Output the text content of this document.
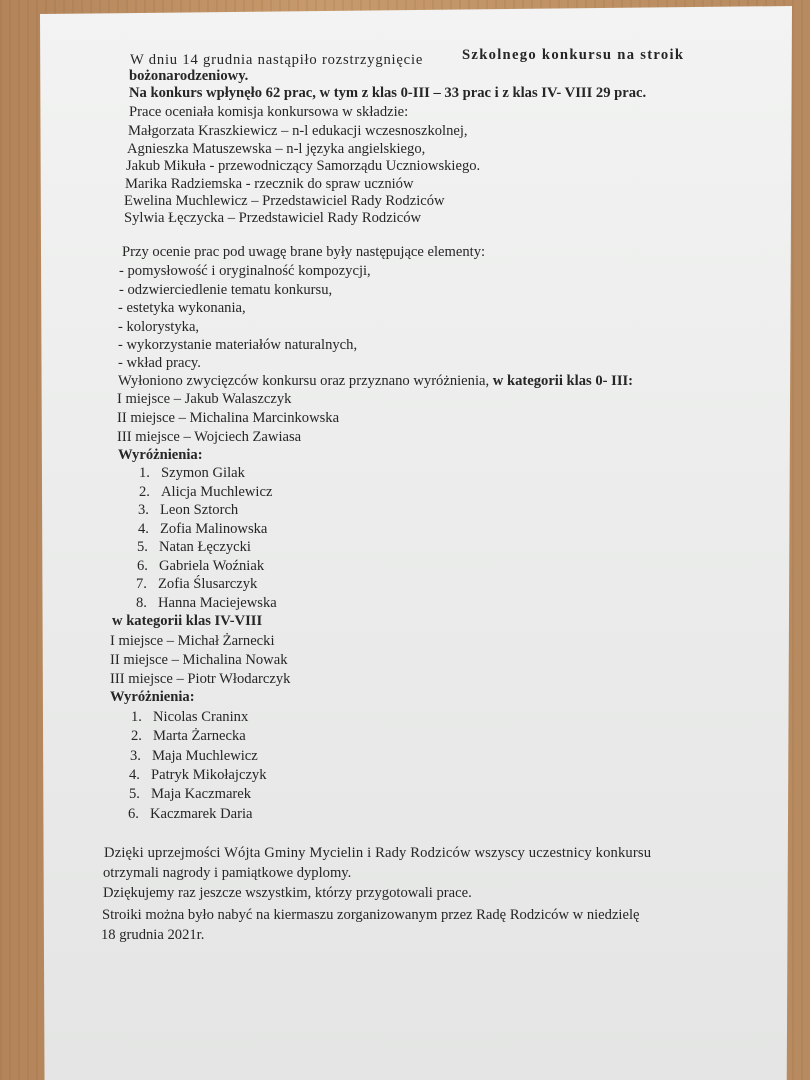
W dniu 14 grudnia nastąpiło rozstrzygnięcie	Szkolnego konkursu na stroik
bożonarodzeniowy.
Na konkurs wpłynęło 62 prac, w tym z klas 0-III – 33 prac i z klas IV- VIII 29 prac.
Prace oceniała komisja konkursowa w składzie:
Małgorzata Kraszkiewicz – n-l edukacji wczesnoszkolnej,
Agnieszka Matuszewska – n-l języka angielskiego,
Jakub Mikuła - przewodniczący Samorządu Uczniowskiego.
Marika Radziemska - rzecznik do spraw uczniów
Ewelina Muchlewicz – Przedstawiciel Rady Rodziców
Sylwia Łęczycka – Przedstawiciel Rady Rodziców
Przy ocenie prac pod uwagę brane były następujące elementy:
- pomysłowość i oryginalność kompozycji,
- odzwierciedlenie tematu konkursu,
- estetyka wykonania,
- kolorystyka,
- wykorzystanie materiałów naturalnych,
- wkład pracy.
Wyłoniono zwycięzców konkursu oraz przyznano wyróżnienia, w kategorii klas 0- III:
I miejsce – Jakub Walaszczyk
II miejsce – Michalina Marcinkowska
III miejsce – Wojciech Zawiasa
Wyróżnienia:
1. Szymon Gilak
2. Alicja Muchlewicz
3. Leon Sztorch
4. Zofia Malinowska
5. Natan Łęczycki
6. Gabriela Woźniak
7. Zofia Ślusarczyk
8. Hanna Maciejewska
w kategorii klas IV-VIII
I miejsce – Michał Żarnecki
II miejsce – Michalina Nowak
III miejsce – Piotr Włodarczyk
Wyróżnienia:
1. Nicolas Craninx
2. Marta Żarnecka
3. Maja Muchlewicz
4. Patryk Mikołajczyk
5. Maja Kaczmarek
6. Kaczmarek Daria
Dzięki uprzejmości Wójta Gminy Mycielin i Rady Rodziców wszyscy uczestnicy konkursu
otrzymali nagrody i pamiątkowe dyplomy.
Dziękujemy raz jeszcze wszystkim, którzy przygotowali prace.
Stroiki można było nabyć na kiermaszu zorganizowanym przez Radę Rodziców w niedzielę
18 grudnia 2021r.
